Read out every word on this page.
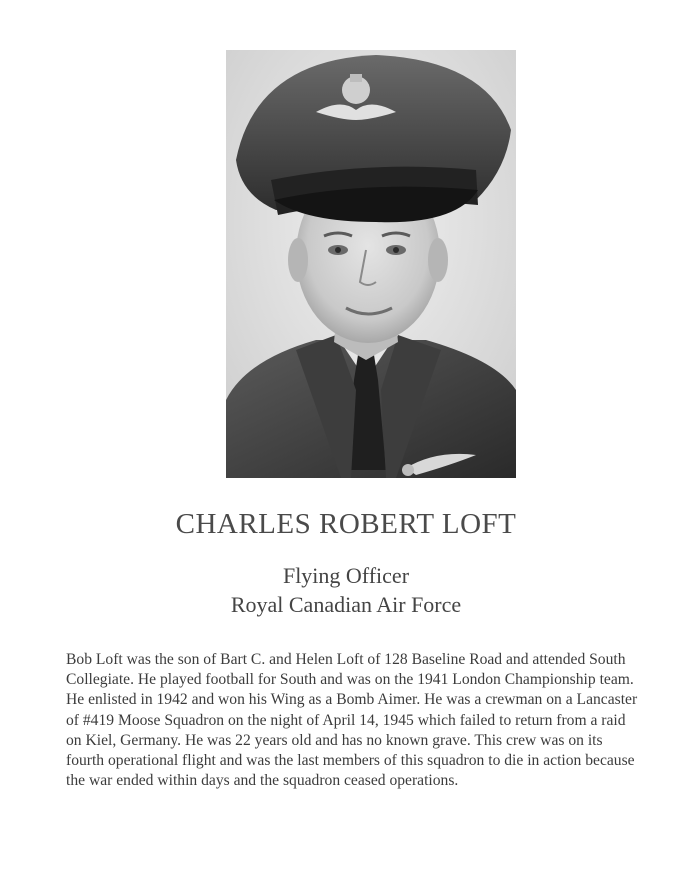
CHARLES ROBERT LOFT
Flying Officer
Royal Canadian Air Force

Bob Loft was the son of Bart C. and Helen Loft of 128 Baseline Road and attended South Collegiate. He played football for South and was on the 1941 London Championship team. He enlisted in 1942 and won his Wing as a Bomb Aimer. He was a crewman on a Lancaster of #419 Moose Squadron on the night of April 14, 1945 which failed to return from a raid on Kiel, Germany. He was 22 years old and has no known grave. This crew was on its fourth operational flight and was the last members of this squadron to die in action because the war ended within days and the squadron ceased operations.
